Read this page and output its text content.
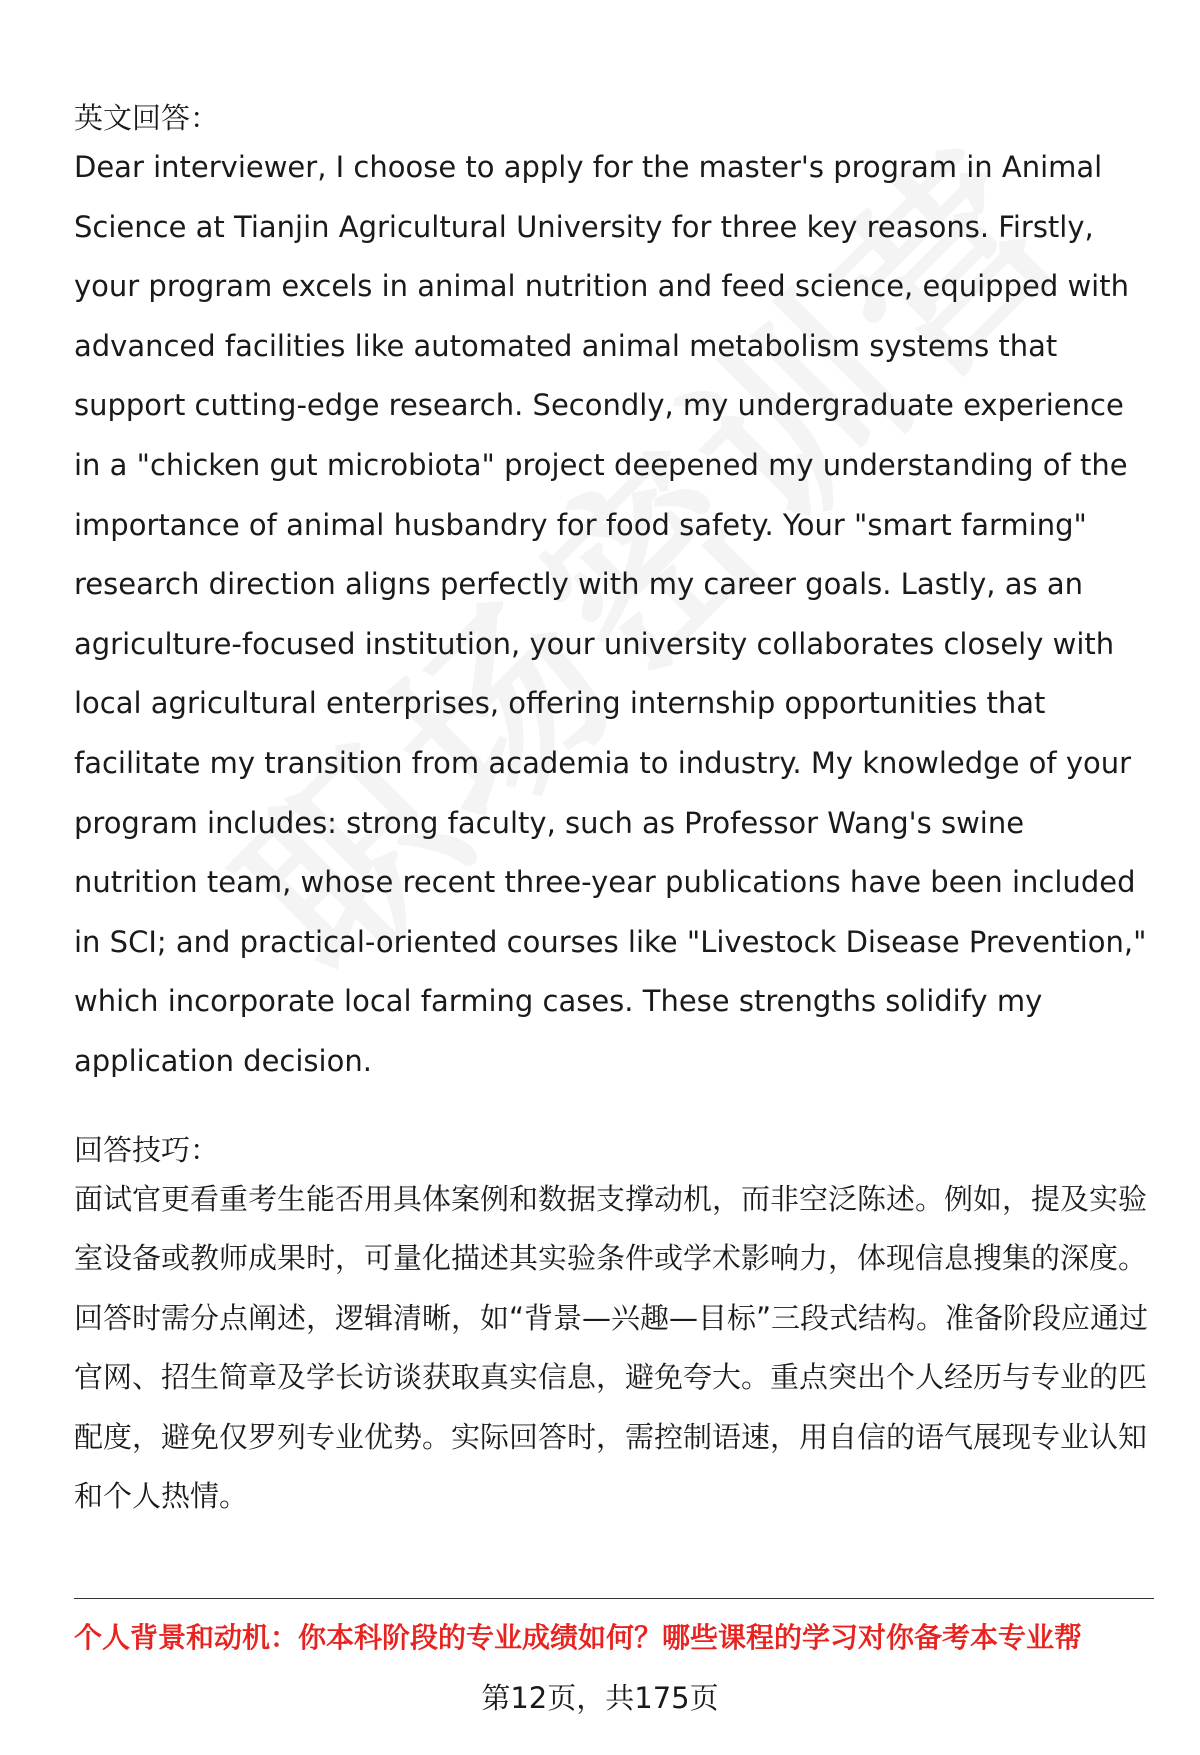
英文回答：

Dear interviewer, I choose to apply for the master's program in Animal Science at Tianjin Agricultural University for three key reasons. Firstly, your program excels in animal nutrition and feed science, equipped with advanced facilities like automated animal metabolism systems that support cutting-edge research. Secondly, my undergraduate experience in a "chicken gut microbiota" project deepened my understanding of the importance of animal husbandry for food safety. Your "smart farming" research direction aligns perfectly with my career goals. Lastly, as an agriculture-focused institution, your university collaborates closely with local agricultural enterprises, offering internship opportunities that facilitate my transition from academia to industry. My knowledge of your program includes: strong faculty, such as Professor Wang's swine nutrition team, whose recent three-year publications have been included in SCI; and practical-oriented courses like "Livestock Disease Prevention," which incorporate local farming cases. These strengths solidify my application decision.

回答技巧：

面试官更看重考生能否用具体案例和数据支撑动机，而非空泛陈述。例如，提及实验室设备或教师成果时，可量化描述其实验条件或学术影响力，体现信息搜集的深度。回答时需分点阐述，逻辑清晰，如“背景—兴趣—目标”三段式结构。准备阶段应通过官网、招生简章及学长访谈获取真实信息，避免夸大。重点突出个人经历与专业的匹配度，避免仅罗列专业优势。实际回答时，需控制语速，用自信的语气展现专业认知和个人热情。

个人背景和动机：你本科阶段的专业成绩如何？哪些课程的学习对你备考本专业帮
第12页，共175页
